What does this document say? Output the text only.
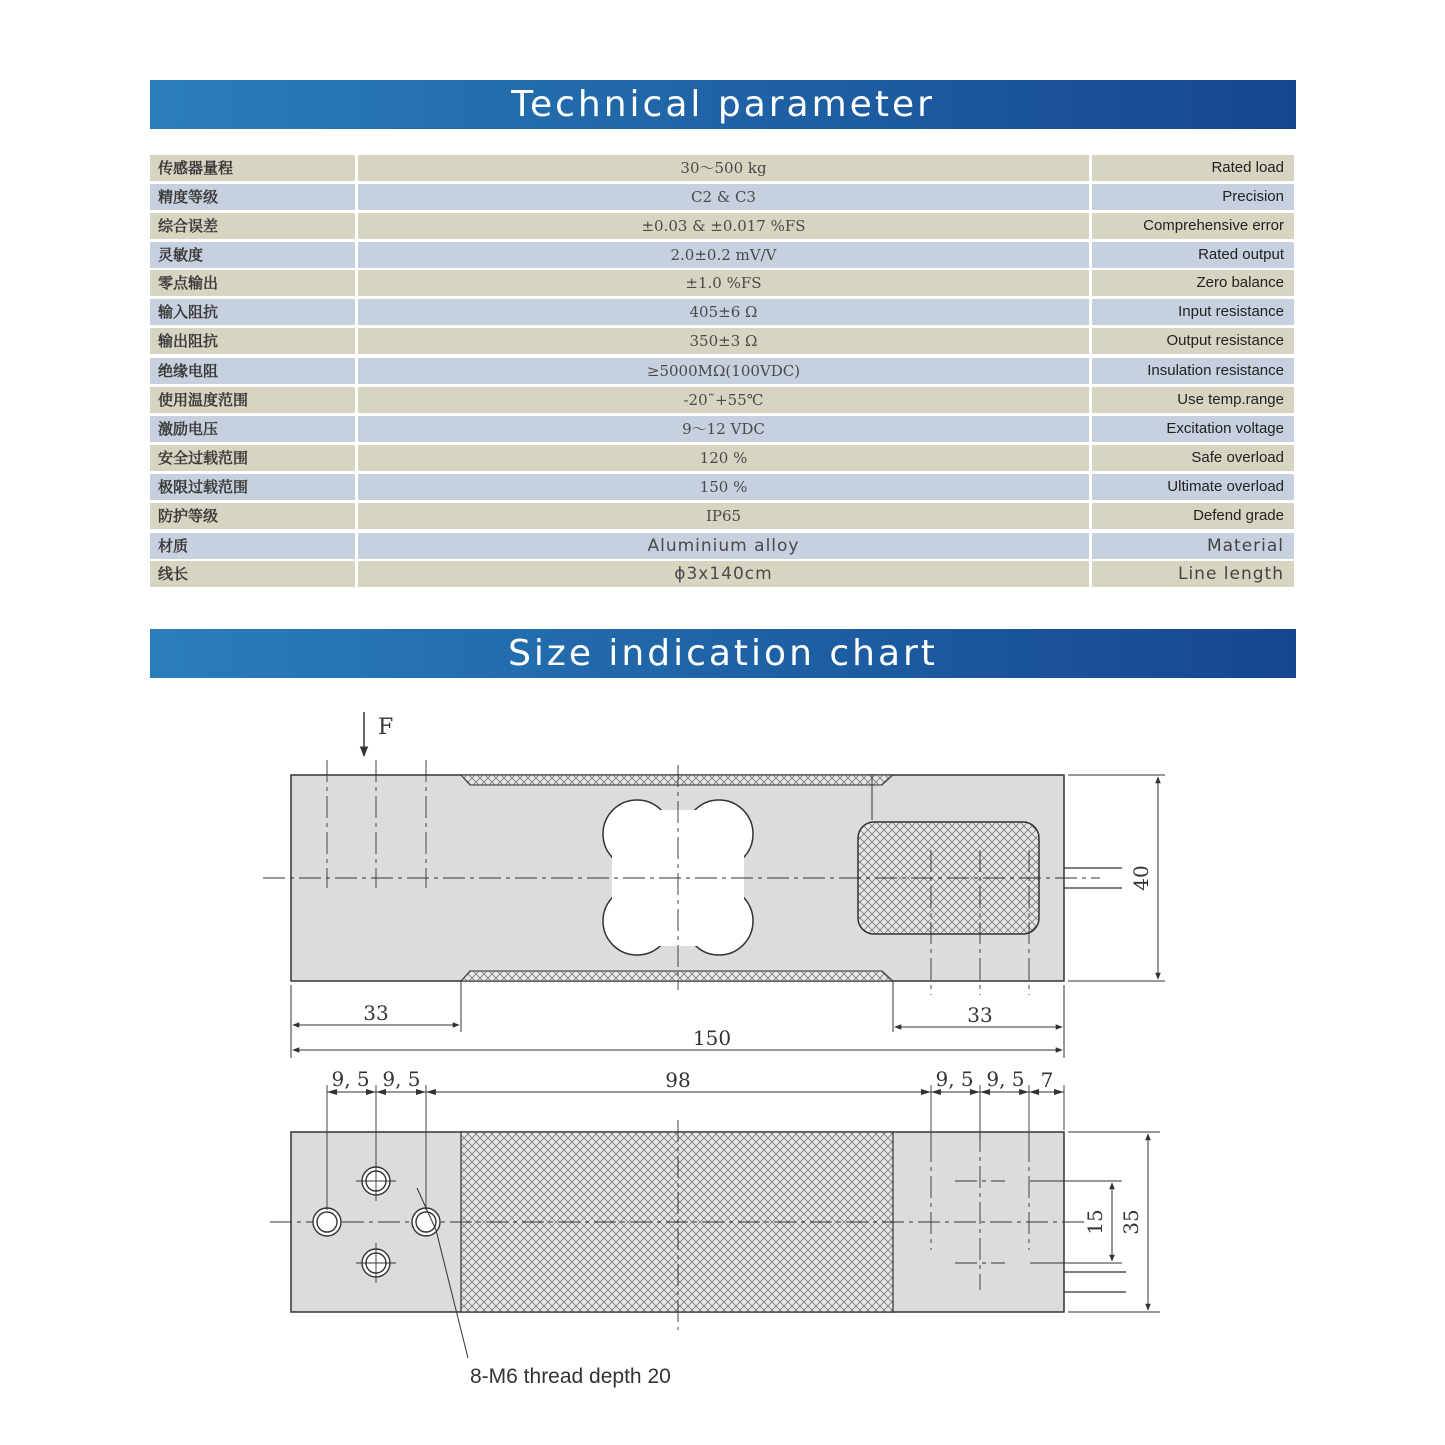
Technical parameter
传感器量程	30～500 kg	Rated load
精度等级	C2 & C3	Precision
综合误差	±0.03 & ±0.017 %FS	Comprehensive error
灵敏度	2.0±0.2 mV/V	Rated output
零点输出	±1.0 %FS	Zero balance
输入阻抗	405±6 Ω	Input resistance
输出阻抗	350±3 Ω	Output resistance
绝缘电阻	≥5000MΩ(100VDC)	Insulation resistance
使用温度范围	-20˜+55℃	Use temp.range
激励电压	9～12 VDC	Excitation voltage
安全过载范围	120 %	Safe overload
极限过载范围	150 %	Ultimate overload
防护等级	IP65	Defend grade
材质	Aluminium alloy	Material
线长	ϕ3x140cm	Line length
Size indication chart
F
33	33
150
40
9, 5  9, 5	98	9, 5  9, 5 7
15 35
8-M6 thread depth 20
